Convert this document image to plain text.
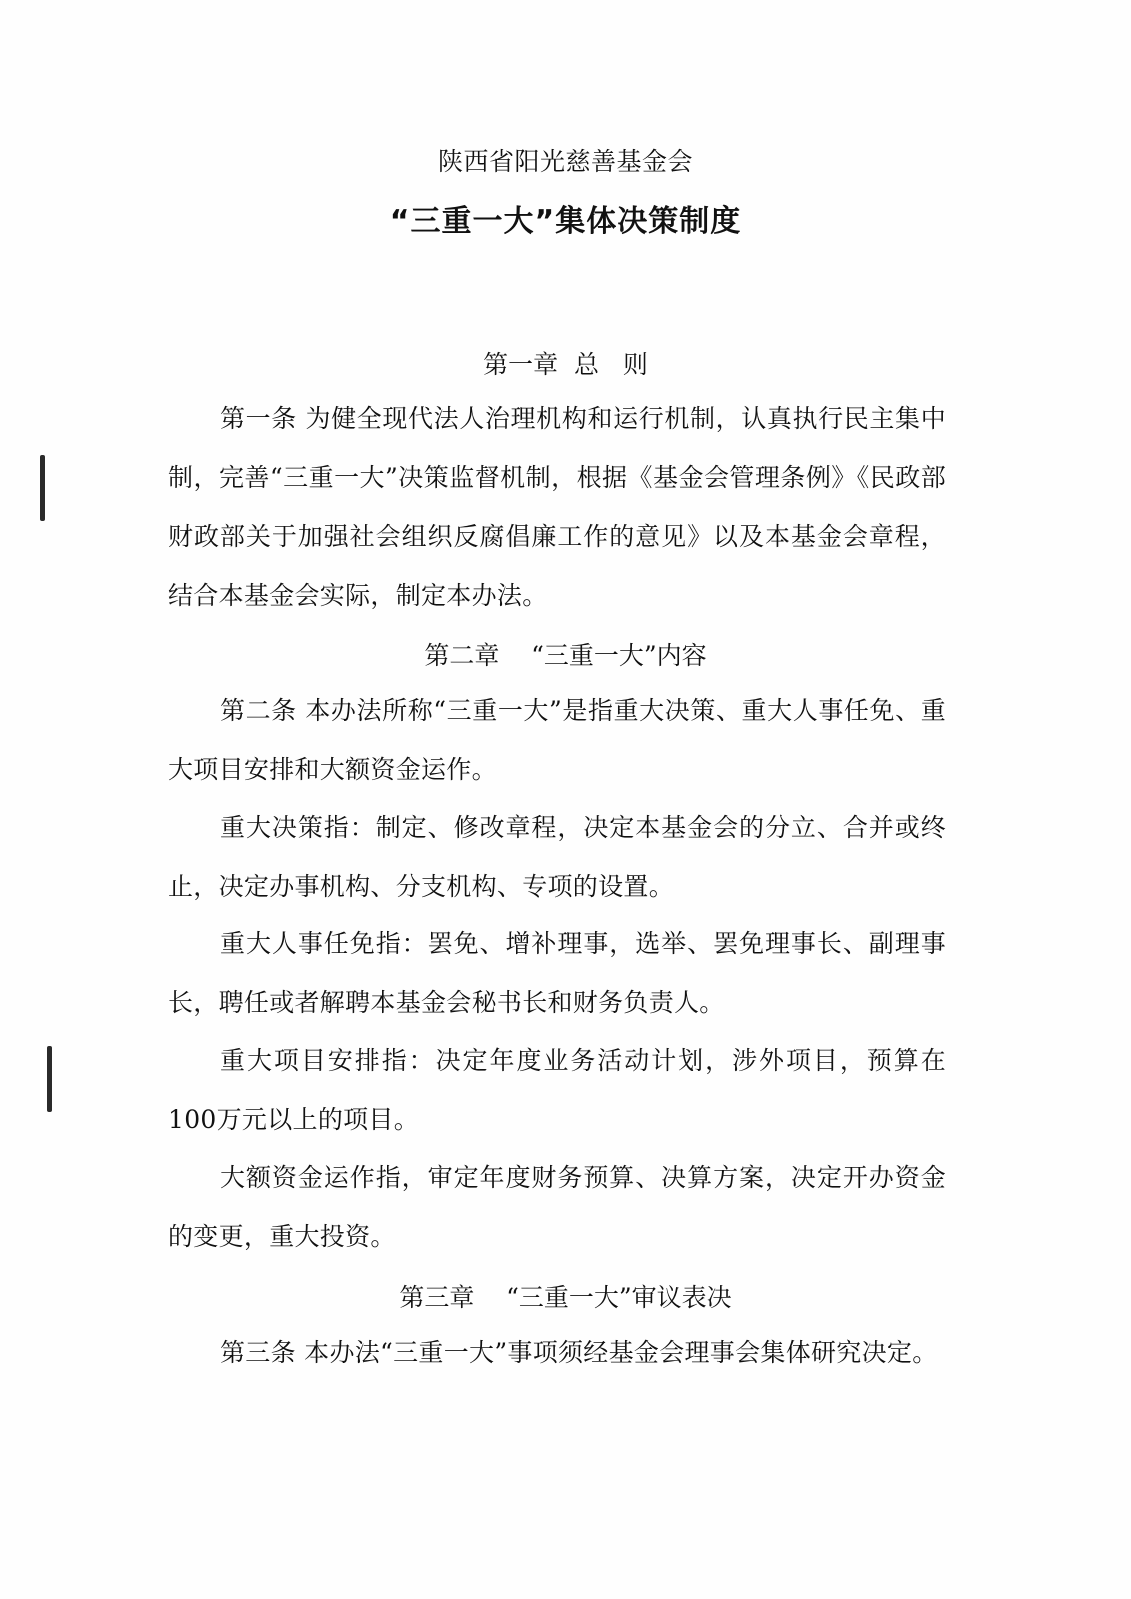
陕西省阳光慈善基金会
“三重一大”集体决策制度
第一章  总   则
第一条 为健全现代法人治理机构和运行机制，认真执行民主集中制，完善“三重一大”决策监督机制，根据《基金会管理条例》《民政部财政部关于加强社会组织反腐倡廉工作的意见》以及本基金会章程，结合本基金会实际，制定本办法。
第二章    “三重一大”内容
第二条 本办法所称“三重一大”是指重大决策、重大人事任免、重大项目安排和大额资金运作。
重大决策指：制定、修改章程，决定本基金会的分立、合并或终止，决定办事机构、分支机构、专项的设置。
重大人事任免指：罢免、增补理事，选举、罢免理事长、副理事长，聘任或者解聘本基金会秘书长和财务负责人。
重大项目安排指：决定年度业务活动计划，涉外项目，预算在100万元以上的项目。
大额资金运作指，审定年度财务预算、决算方案，决定开办资金的变更，重大投资。
第三章    “三重一大”审议表决
第三条 本办法“三重一大”事项须经基金会理事会集体研究决定。
